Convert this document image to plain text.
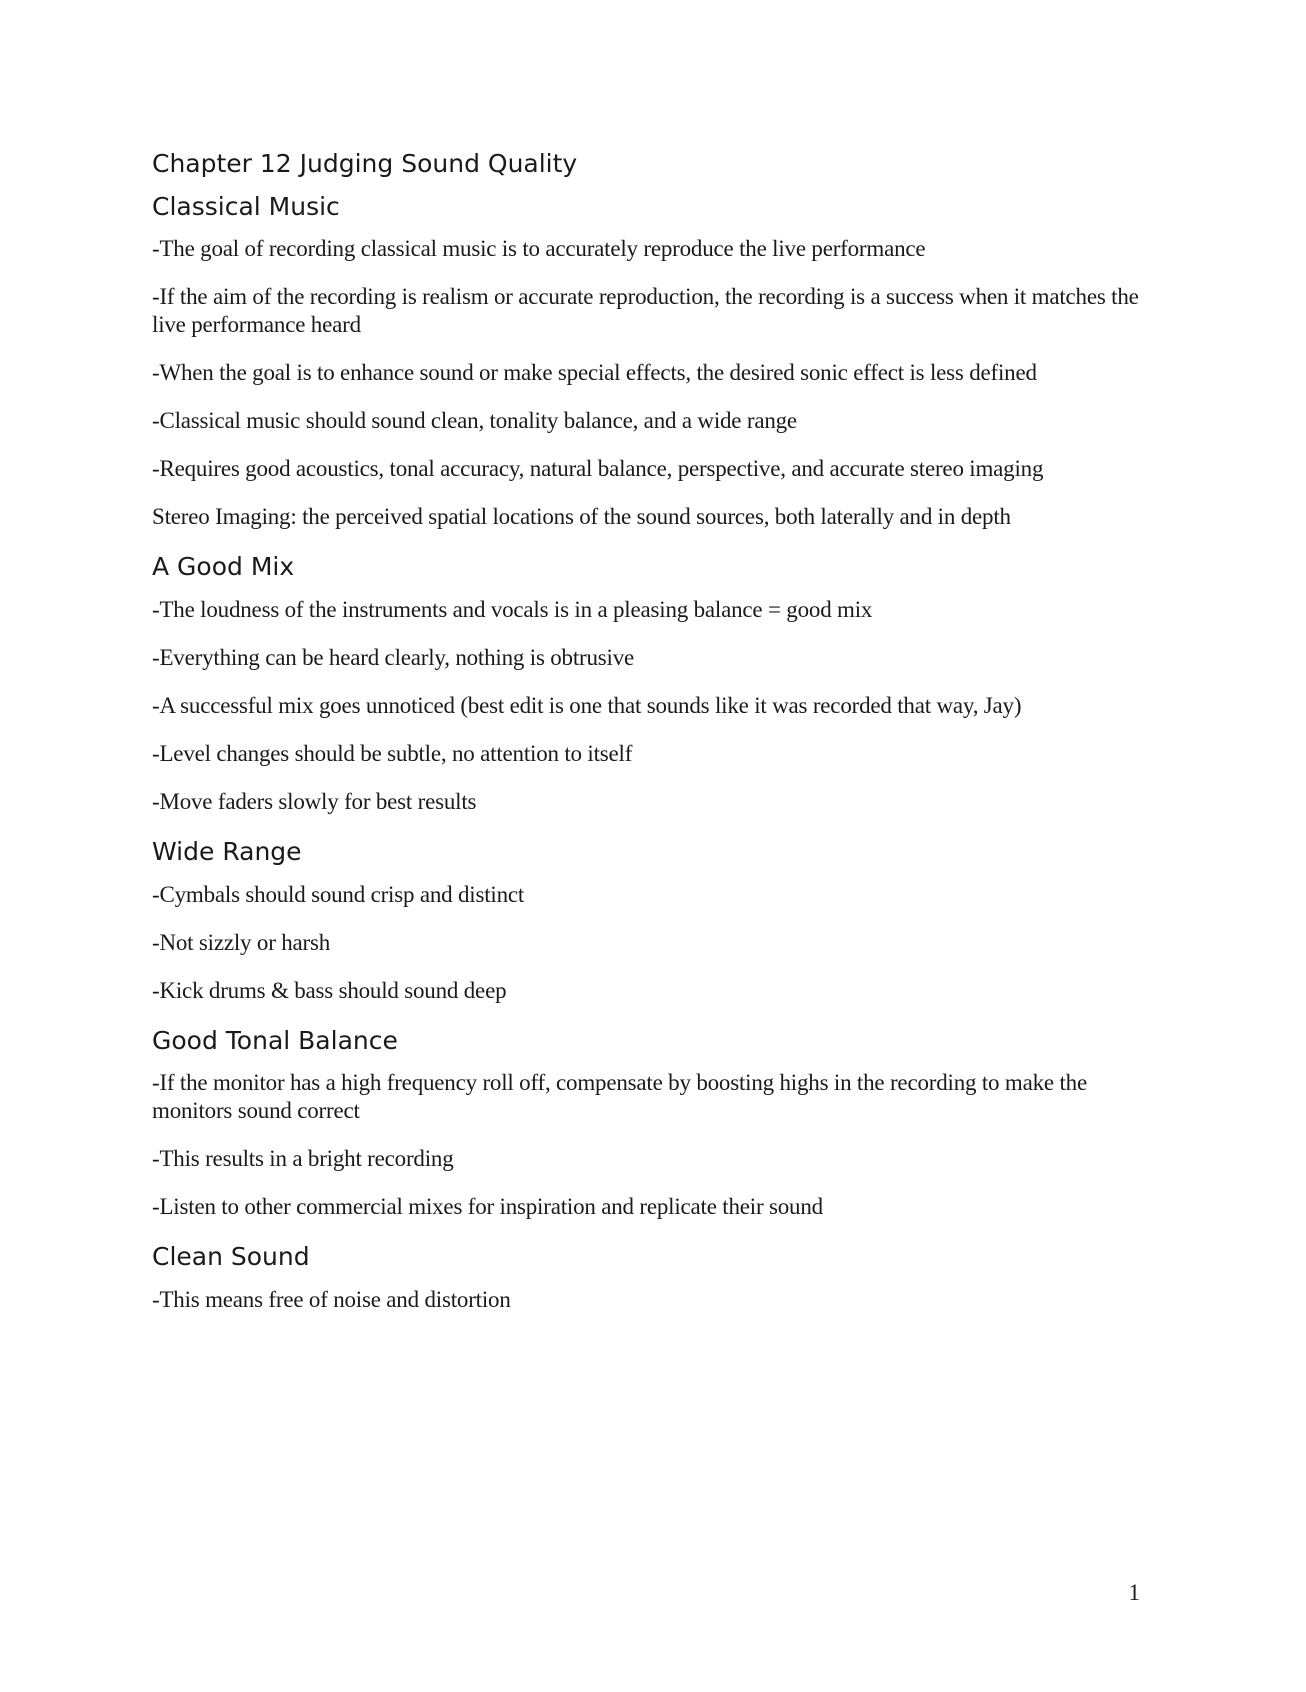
Chapter 12 Judging Sound Quality
Classical Music

-The goal of recording classical music is to accurately reproduce the live performance

-If the aim of the recording is realism or accurate reproduction, the recording is a success when it matches the live performance heard

-When the goal is to enhance sound or make special effects, the desired sonic effect is less defined

-Classical music should sound clean, tonality balance, and a wide range

-Requires good acoustics, tonal accuracy, natural balance, perspective, and accurate stereo imaging

Stereo Imaging: the perceived spatial locations of the sound sources, both laterally and in depth

A Good Mix

-The loudness of the instruments and vocals is in a pleasing balance = good mix

-Everything can be heard clearly, nothing is obtrusive

-A successful mix goes unnoticed (best edit is one that sounds like it was recorded that way, Jay)

-Level changes should be subtle, no attention to itself

-Move faders slowly for best results

Wide Range

-Cymbals should sound crisp and distinct

-Not sizzly or harsh

-Kick drums & bass should sound deep

Good Tonal Balance

-If the monitor has a high frequency roll off, compensate by boosting highs in the recording to make the monitors sound correct

-This results in a bright recording

-Listen to other commercial mixes for inspiration and replicate their sound

Clean Sound

-This means free of noise and distortion

1
